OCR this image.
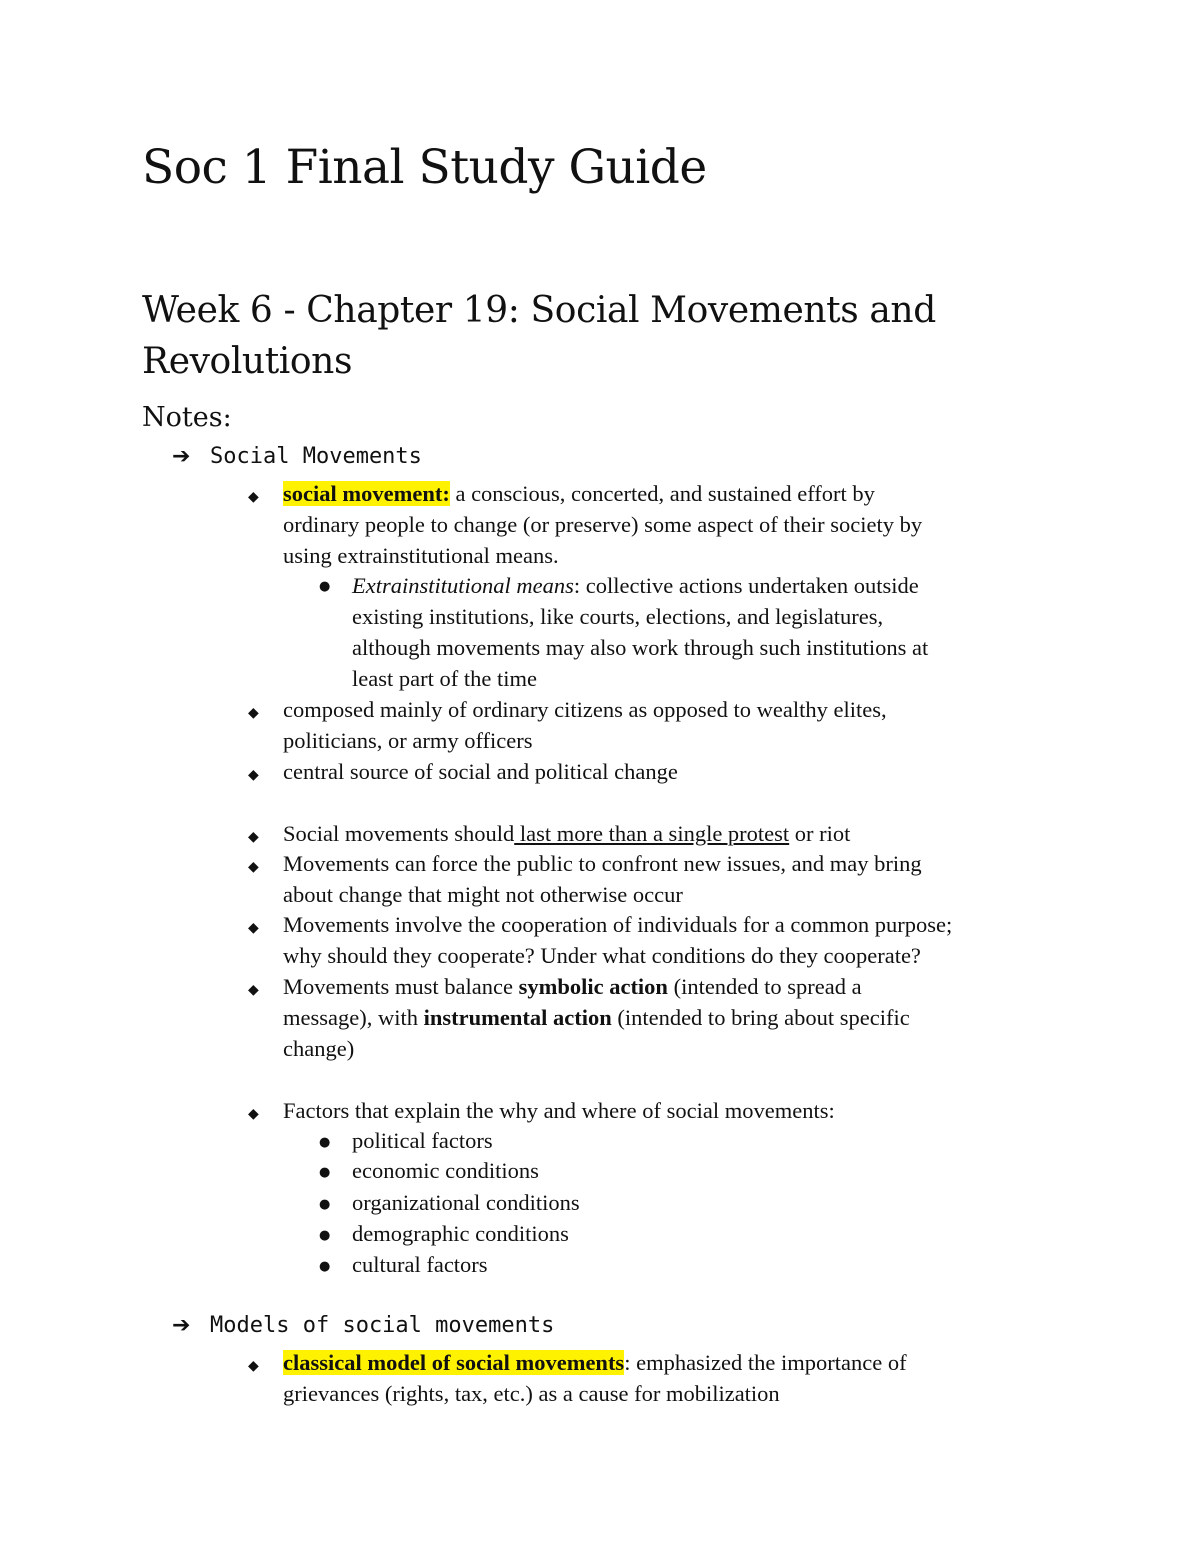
Soc 1 Final Study Guide
Week 6 - Chapter 19: Social Movements and
Revolutions

Notes:

➔ Social Movements

◆ social movement: a conscious, concerted, and sustained effort by
ordinary people to change (or preserve) some aspect of their society by
using extrainstitutional means.

● Extrainstitutional means: collective actions undertaken outside
existing institutions, like courts, elections, and legislatures,
although movements may also work through such institutions at
least part of the time

◆ composed mainly of ordinary citizens as opposed to wealthy elites,
politicians, or army officers

◆ central source of social and political change

◆ Social movements should last more than a single protest or riot

◆ Movements can force the public to confront new issues, and may bring
about change that might not otherwise occur

◆ Movements involve the cooperation of individuals for a common purpose;
why should they cooperate? Under what conditions do they cooperate?

◆ Movements must balance symbolic action (intended to spread a
message), with instrumental action (intended to bring about specific
change)

◆ Factors that explain the why and where of social movements:

● political factors

● economic conditions

● organizational conditions

● demographic conditions

● cultural factors

➔ Models of social movements

◆ classical model of social movements: emphasized the importance of
grievances (rights, tax, etc.) as a cause for mobilization
